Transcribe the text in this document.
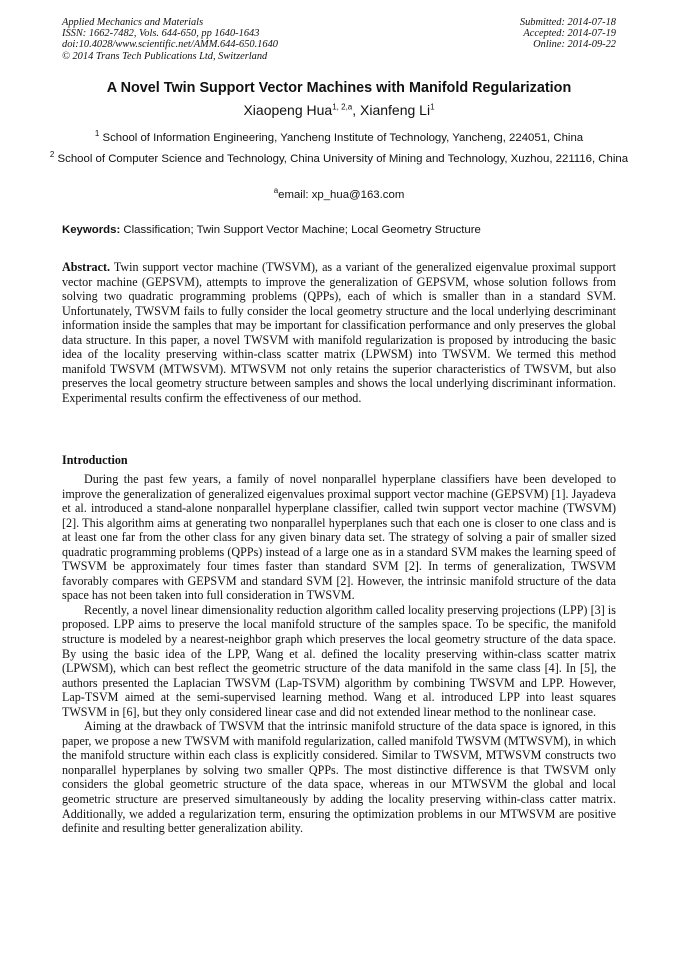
Applied Mechanics and Materials
ISSN: 1662-7482, Vols. 644-650, pp 1640-1643
doi:10.4028/www.scientific.net/AMM.644-650.1640
© 2014 Trans Tech Publications Ltd, Switzerland
Submitted: 2014-07-18
Accepted: 2014-07-19
Online: 2014-09-22
A Novel Twin Support Vector Machines with Manifold Regularization
Xiaopeng Hua$^{1, 2,a}$, Xianfeng Li$^1$
$^1$ School of Information Engineering, Yancheng Institute of Technology, Yancheng, 224051, China
$^2$ School of Computer Science and Technology, China University of Mining and Technology, Xuzhou, 221116, China
$^a$email: xp_hua@163.com
Keywords: Classification; Twin Support Vector Machine; Local Geometry Structure
Abstract. Twin support vector machine (TWSVM), as a variant of the generalized eigenvalue proximal support vector machine (GEPSVM), attempts to improve the generalization of GEPSVM, whose solution follows from solving two quadratic programming problems (QPPs), each of which is smaller than in a standard SVM. Unfortunately, TWSVM fails to fully consider the local geometry structure and the local underlying descriminant information inside the samples that may be important for classification performance and only preserves the global data structure. In this paper, a novel TWSVM with manifold regularization is proposed by introducing the basic idea of the locality preserving within-class scatter matrix (LPWSM) into TWSVM. We termed this method manifold TWSVM (MTWSVM). MTWSVM not only retains the superior characteristics of TWSVM, but also preserves the local geometry structure between samples and shows the local underlying discriminant information. Experimental results confirm the effectiveness of our method.
Introduction

During the past few years, a family of novel nonparallel hyperplane classifiers have been developed to improve the generalization of generalized eigenvalues proximal support vector machine (GEPSVM) [1]. Jayadeva et al. introduced a stand-alone nonparallel hyperplane classifier, called twin support vector machine (TWSVM) [2]. This algorithm aims at generating two nonparallel hyperplanes such that each one is closer to one class and is at least one far from the other class for any given binary data set. The strategy of solving a pair of smaller sized quadratic programming problems (QPPs) instead of a large one as in a standard SVM makes the learning speed of TWSVM be approximately four times faster than standard SVM [2]. In terms of generalization, TWSVM favorably compares with GEPSVM and standard SVM [2]. However, the intrinsic manifold structure of the data space has not been taken into full consideration in TWSVM.

Recently, a novel linear dimensionality reduction algorithm called locality preserving projections (LPP) [3] is proposed. LPP aims to preserve the local manifold structure of the samples space. To be specific, the manifold structure is modeled by a nearest-neighbor graph which preserves the local geometry structure of the data space. By using the basic idea of the LPP, Wang et al. defined the locality preserving within-class scatter matrix (LPWSM), which can best reflect the geometric structure of the data manifold in the same class [4]. In [5], the authors presented the Laplacian TWSVM (Lap-TSVM) algorithm by combining TWSVM and LPP. However, Lap-TSVM aimed at the semi-supervised learning method. Wang et al. introduced LPP into least squares TWSVM in [6], but they only considered linear case and did not extended linear method to the nonlinear case.

Aiming at the drawback of TWSVM that the intrinsic manifold structure of the data space is ignored, in this paper, we propose a new TWSVM with manifold regularization, called manifold TWSVM (MTWSVM), in which the manifold structure within each class is explicitly considered. Similar to TWSVM, MTWSVM constructs two nonparallel hyperplanes by solving two smaller QPPs. The most distinctive difference is that TWSVM only considers the global geometric structure of the data space, whereas in our MTWSVM the global and local geometric structure are preserved simultaneously by adding the locality preserving within-class catter matrix. Additionally, we added a regularization term, ensuring the optimization problems in our MTWSVM are positive definite and resulting better generalization ability.
